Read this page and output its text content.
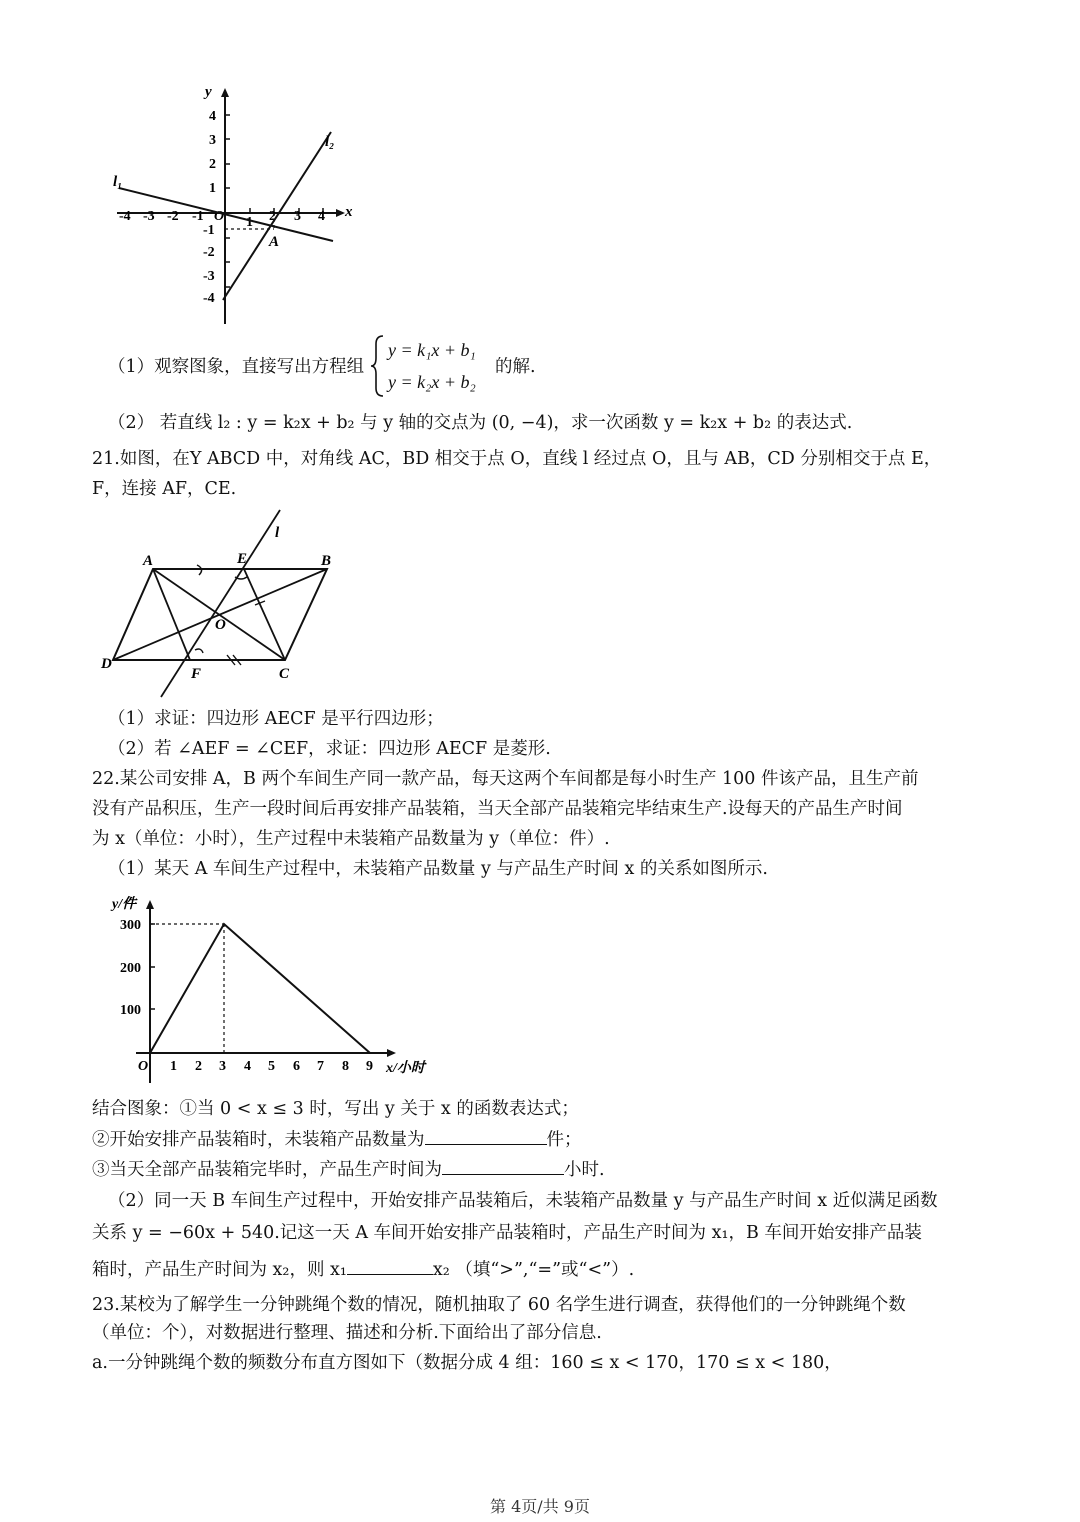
y
x
4
3
2
1
-1
-2
-3
-4
-4 -3 -2 -1	1 2 3 4
O
l₁
l₂
A
（1）观察图象，直接写出方程组
y = k₁x + b₁
y = k₂x + b₂
的解.
（2） 若直线 l₂ : y = k₂x + b₂ 与 y 轴的交点为 (0, −4)，求一次函数 y = k₂x + b₂ 的表达式.
21.如图，在Y ABCD 中，对角线 AC，BD 相交于点 O，直线 l 经过点 O，且与 AB，CD 分别相交于点 E，
F，连接 AF，CE.
A	B
C
D
E
F
O
l
（1）求证：四边形 AECF 是平行四边形；
（2）若 ∠AEF = ∠CEF，求证：四边形 AECF 是菱形.
22.某公司安排 A，B 两个车间生产同一款产品，每天这两个车间都是每小时生产 100 件该产品，且生产前
没有产品积压，生产一段时间后再安排产品装箱，当天全部产品装箱完毕结束生产.设每天的产品生产时间
为 x（单位：小时），生产过程中未装箱产品数量为 y（单位：件）.
（1）某天 A 车间生产过程中，未装箱产品数量 y 与产品生产时间 x 的关系如图所示.
y/件
x/小时
300
200
100
O 1 2 3 4 5 6 7 8 9
结合图象：①当 0 < x ≤ 3 时，写出 y 关于 x 的函数表达式；
②开始安排产品装箱时，未装箱产品数量为	件；
③当天全部产品装箱完毕时，产品生产时间为	小时.
（2）同一天 B 车间生产过程中，开始安排产品装箱后，未装箱产品数量 y 与产品生产时间 x 近似满足函数
关系 y = −60x + 540.记这一天 A 车间开始安排产品装箱时，产品生产时间为 x₁，B 车间开始安排产品装
箱时，产品生产时间为 x₂，则 x₁	x₂ （填“>”,“=”或“<”）.
23.某校为了解学生一分钟跳绳个数的情况，随机抽取了 60 名学生进行调查，获得他们的一分钟跳绳个数
（单位：个），对数据进行整理、描述和分析.下面给出了部分信息.
a.一分钟跳绳个数的频数分布直方图如下（数据分成 4 组：160 ≤ x < 170，170 ≤ x < 180，
第 4页/共 9页
